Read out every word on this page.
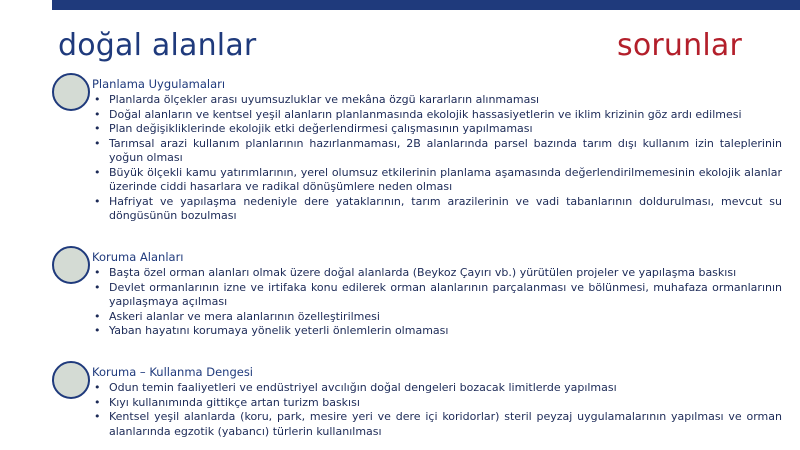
doğal alanlar	sorunlar
Planlama Uygulamaları
• Planlarda ölçekler arası uyumsuzluklar ve mekâna özgü kararların alınmaması
• Doğal alanların ve kentsel yeşil alanların planlanmasında ekolojik hassasiyetlerin ve iklim krizinin göz ardı edilmesi
• Plan değişikliklerinde ekolojik etki değerlendirmesi çalışmasının yapılmaması
• Tarımsal arazi kullanım planlarının hazırlanmaması, 2B alanlarında parsel bazında tarım dışı kullanım izin taleplerinin yoğun olması
• Büyük ölçekli kamu yatırımlarının, yerel olumsuz etkilerinin planlama aşamasında değerlendirilmemesinin ekolojik alanlar üzerinde ciddi hasarlara ve radikal dönüşümlere neden olması
• Hafriyat ve yapılaşma nedeniyle dere yataklarının, tarım arazilerinin ve vadi tabanlarının doldurulması, mevcut su döngüsünün bozulması
Koruma Alanları
• Başta özel orman alanları olmak üzere doğal alanlarda (Beykoz Çayırı vb.) yürütülen projeler ve yapılaşma baskısı
• Devlet ormanlarının izne ve irtifaka konu edilerek orman alanlarının parçalanması ve bölünmesi, muhafaza ormanlarının yapılaşmaya açılması
• Askeri alanlar ve mera alanlarının özelleştirilmesi
• Yaban hayatını korumaya yönelik yeterli önlemlerin olmaması
Koruma – Kullanma Dengesi
• Odun temin faaliyetleri ve endüstriyel avcılığın doğal dengeleri bozacak limitlerde yapılması
• Kıyı kullanımında gittikçe artan turizm baskısı
• Kentsel yeşil alanlarda (koru, park, mesire yeri ve dere içi koridorlar) steril peyzaj uygulamalarının yapılması ve orman alanlarında egzotik (yabancı) türlerin kullanılması
